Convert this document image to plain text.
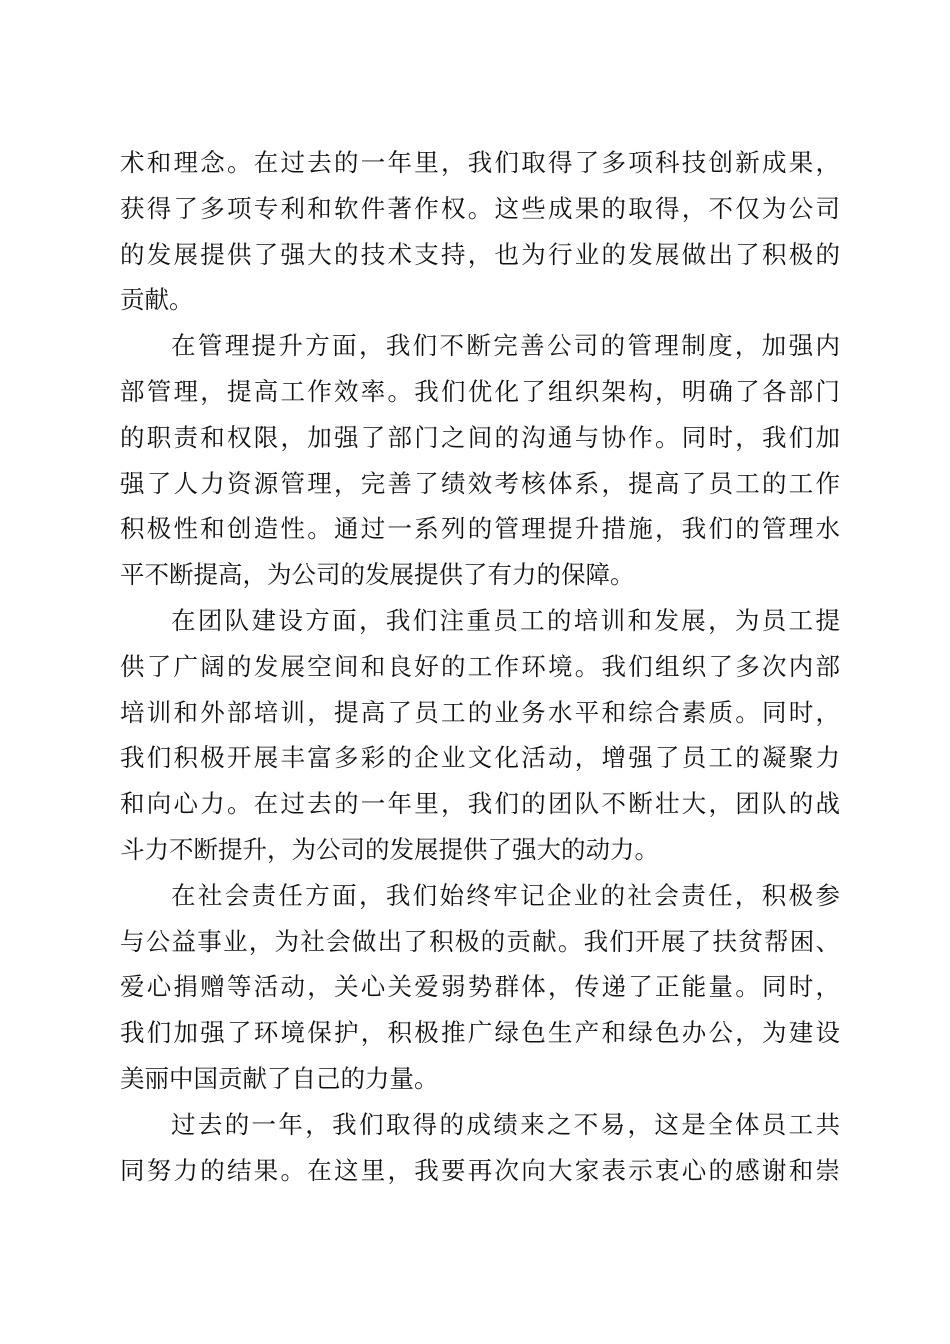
术和理念。在过去的一年里，我们取得了多项科技创新成果，
获得了多项专利和软件著作权。这些成果的取得，不仅为公司
的发展提供了强大的技术支持，也为行业的发展做出了积极的
贡献。
在管理提升方面，我们不断完善公司的管理制度，加强内
部管理，提高工作效率。我们优化了组织架构，明确了各部门
的职责和权限，加强了部门之间的沟通与协作。同时，我们加
强了人力资源管理，完善了绩效考核体系，提高了员工的工作
积极性和创造性。通过一系列的管理提升措施，我们的管理水
平不断提高，为公司的发展提供了有力的保障。
在团队建设方面，我们注重员工的培训和发展，为员工提
供了广阔的发展空间和良好的工作环境。我们组织了多次内部
培训和外部培训，提高了员工的业务水平和综合素质。同时，
我们积极开展丰富多彩的企业文化活动，增强了员工的凝聚力
和向心力。在过去的一年里，我们的团队不断壮大，团队的战
斗力不断提升，为公司的发展提供了强大的动力。
在社会责任方面，我们始终牢记企业的社会责任，积极参
与公益事业，为社会做出了积极的贡献。我们开展了扶贫帮困、
爱心捐赠等活动，关心关爱弱势群体，传递了正能量。同时，
我们加强了环境保护，积极推广绿色生产和绿色办公，为建设
美丽中国贡献了自己的力量。
过去的一年，我们取得的成绩来之不易，这是全体员工共
同努力的结果。在这里，我要再次向大家表示衷心的感谢和崇
